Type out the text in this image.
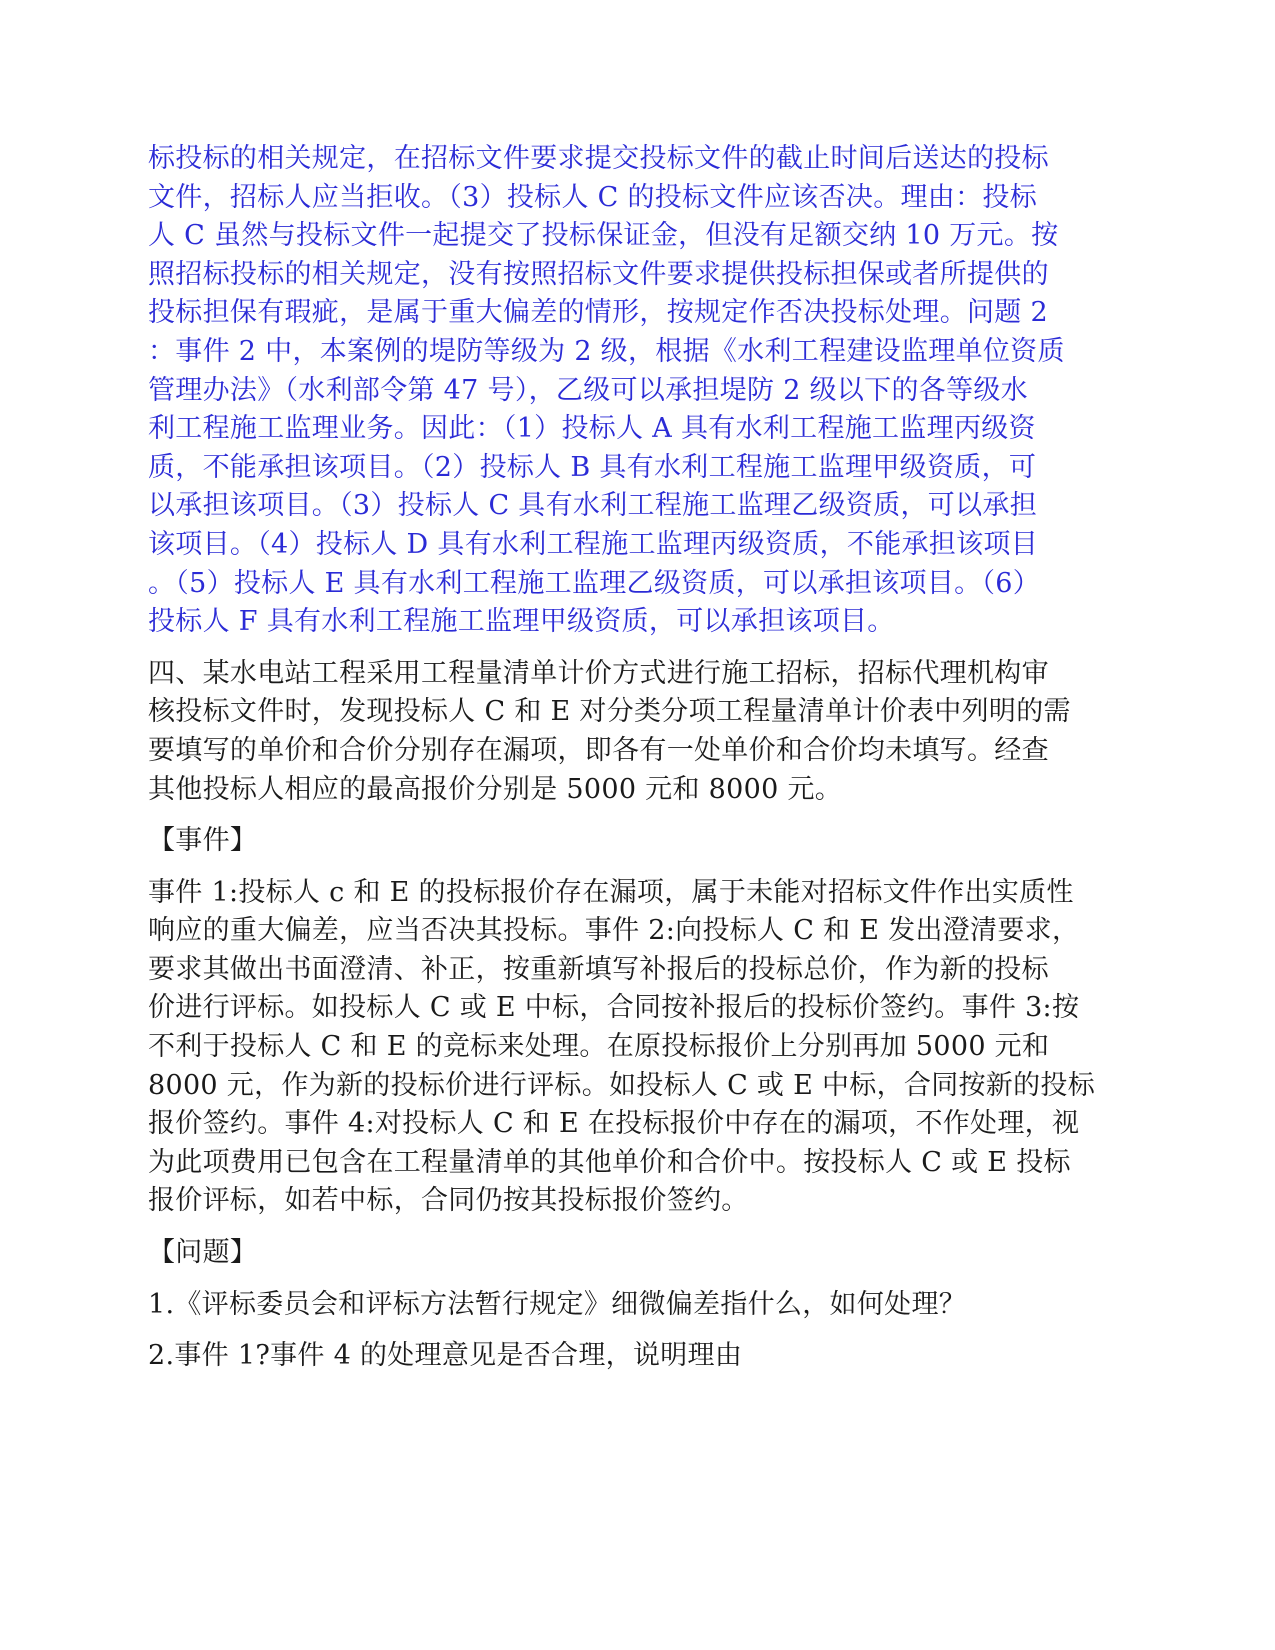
标投标的相关规定，在招标文件要求提交投标文件的截止时间后送达的投标
文件，招标人应当拒收。（3）投标人 C 的投标文件应该否决。理由：投标
人 C 虽然与投标文件一起提交了投标保证金，但没有足额交纳 10 万元。按
照招标投标的相关规定，没有按照招标文件要求提供投标担保或者所提供的
投标担保有瑕疵，是属于重大偏差的情形，按规定作否决投标处理。问题 2
：事件 2 中，本案例的堤防等级为 2 级，根据《水利工程建设监理单位资质
管理办法》（水利部令第 47 号），乙级可以承担堤防 2 级以下的各等级水
利工程施工监理业务。因此：（1）投标人 A 具有水利工程施工监理丙级资
质，不能承担该项目。（2）投标人 B 具有水利工程施工监理甲级资质，可
以承担该项目。（3）投标人 C 具有水利工程施工监理乙级资质，可以承担
该项目。（4）投标人 D 具有水利工程施工监理丙级资质，不能承担该项目
。（5）投标人 E 具有水利工程施工监理乙级资质，可以承担该项目。（6）
投标人 F 具有水利工程施工监理甲级资质，可以承担该项目。
四、某水电站工程采用工程量清单计价方式进行施工招标，招标代理机构审
核投标文件时，发现投标人 C 和 E 对分类分项工程量清单计价表中列明的需
要填写的单价和合价分别存在漏项，即各有一处单价和合价均未填写。经查
其他投标人相应的最高报价分别是 5000 元和 8000 元。
【事件】
事件 1:投标人 c 和 E 的投标报价存在漏项，属于未能对招标文件作出实质性
响应的重大偏差，应当否决其投标。事件 2:向投标人 C 和 E 发出澄清要求，
要求其做出书面澄清、补正，按重新填写补报后的投标总价，作为新的投标
价进行评标。如投标人 C 或 E 中标，合同按补报后的投标价签约。事件 3:按
不利于投标人 C 和 E 的竞标来处理。在原投标报价上分别再加 5000 元和
8000 元，作为新的投标价进行评标。如投标人 C 或 E 中标，合同按新的投标
报价签约。事件 4:对投标人 C 和 E 在投标报价中存在的漏项，不作处理，视
为此项费用已包含在工程量清单的其他单价和合价中。按投标人 C 或 E 投标
报价评标，如若中标，合同仍按其投标报价签约。
【问题】
1.《评标委员会和评标方法暂行规定》细微偏差指什么，如何处理？
2.事件 1?事件 4 的处理意见是否合理，说明理由
